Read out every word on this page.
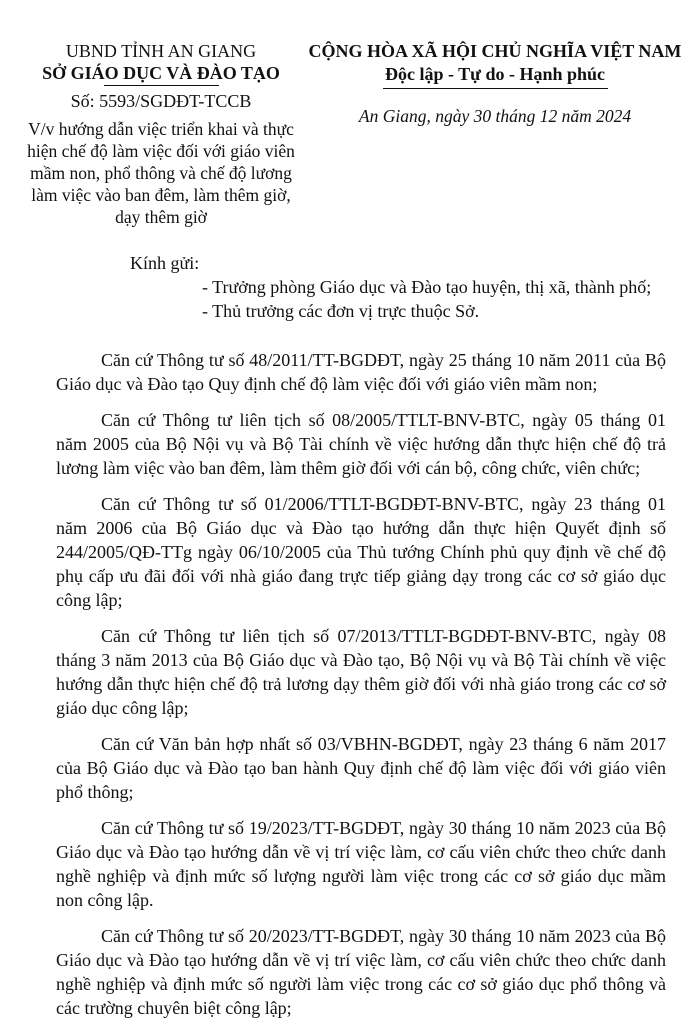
UBND TỈNH AN GIANG
SỞ GIÁO DỤC VÀ ĐÀO TẠO
Số: 5593/SGDĐT-TCCB
V/v hướng dẫn việc triển khai và thực hiện chế độ làm việc đối với giáo viên mầm non, phổ thông và chế độ lương làm việc vào ban đêm, làm thêm giờ, dạy thêm giờ
CỘNG HÒA XÃ HỘI CHỦ NGHĨA VIỆT NAM
Độc lập - Tự do - Hạnh phúc
An Giang, ngày 30 tháng 12 năm 2024
Kính gửi:
- Trưởng phòng Giáo dục và Đào tạo huyện, thị xã, thành phố;
- Thủ trưởng các đơn vị trực thuộc Sở.

Căn cứ Thông tư số 48/2011/TT-BGDĐT, ngày 25 tháng 10 năm 2011 của Bộ Giáo dục và Đào tạo Quy định chế độ làm việc đối với giáo viên mầm non;

Căn cứ Thông tư liên tịch số 08/2005/TTLT-BNV-BTC, ngày 05 tháng 01 năm 2005 của Bộ Nội vụ và Bộ Tài chính về việc hướng dẫn thực hiện chế độ trả lương làm việc vào ban đêm, làm thêm giờ đối với cán bộ, công chức, viên chức;

Căn cứ Thông tư số 01/2006/TTLT-BGDĐT-BNV-BTC, ngày 23 tháng 01 năm 2006 của Bộ Giáo dục và Đào tạo hướng dẫn thực hiện Quyết định số 244/2005/QĐ-TTg ngày 06/10/2005 của Thủ tướng Chính phủ quy định về chế độ phụ cấp ưu đãi đối với nhà giáo đang trực tiếp giảng dạy trong các cơ sở giáo dục công lập;

Căn cứ Thông tư liên tịch số 07/2013/TTLT-BGDĐT-BNV-BTC, ngày 08 tháng 3 năm 2013 của Bộ Giáo dục và Đào tạo, Bộ Nội vụ và Bộ Tài chính về việc hướng dẫn thực hiện chế độ trả lương dạy thêm giờ đối với nhà giáo trong các cơ sở giáo dục công lập;

Căn cứ Văn bản hợp nhất số 03/VBHN-BGDĐT, ngày 23 tháng 6 năm 2017 của Bộ Giáo dục và Đào tạo ban hành Quy định chế độ làm việc đối với giáo viên phổ thông;

Căn cứ Thông tư số 19/2023/TT-BGDĐT, ngày 30 tháng 10 năm 2023 của Bộ Giáo dục và Đào tạo hướng dẫn về vị trí việc làm, cơ cấu viên chức theo chức danh nghề nghiệp và định mức số lượng người làm việc trong các cơ sở giáo dục mầm non công lập.

Căn cứ Thông tư số 20/2023/TT-BGDĐT, ngày 30 tháng 10 năm 2023 của Bộ Giáo dục và Đào tạo hướng dẫn về vị trí việc làm, cơ cấu viên chức theo chức danh nghề nghiệp và định mức số người làm việc trong các cơ sở giáo dục phổ thông và các trường chuyên biệt công lập;
